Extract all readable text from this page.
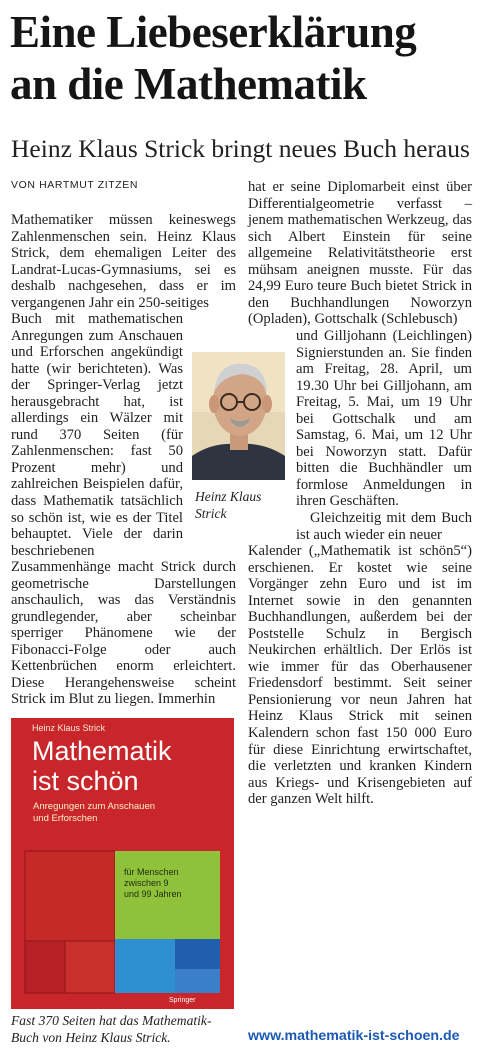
Eine Liebeserklärung
an die Mathematik
Heinz Klaus Strick bringt neues Buch heraus
VON HARTMUT ZITZEN

Mathematiker müssen keineswegs Zahlenmenschen sein. Heinz Klaus Strick, dem ehemaligen Leiter des Landrat-Lucas-Gymnasiums, sei es deshalb nachgesehen, dass er im vergangenen Jahr ein 250-seitiges

Buch mit mathematischen Anregungen zum Anschauen und Erforschen angekündigt hatte (wir berichteten). Was der Springer-Verlag jetzt herausgebracht hat, ist allerdings ein Wälzer mit rund 370 Seiten (für Zahlenmenschen: fast 50 Prozent mehr) und zahlreichen Beispielen dafür, dass Mathematik tatsächlich so schön ist, wie es der Titel behauptet. Viele der darin beschriebenen

Zusammenhänge macht Strick durch geometrische Darstellungen anschaulich, was das Verständnis grundlegender, aber scheinbar sperriger Phänomene wie der Fibonacci-Folge oder auch Kettenbrüchen enorm erleichtert. Diese Herangehensweise scheint Strick im Blut zu liegen. Immerhin

hat er seine Diplomarbeit einst über Differentialgeometrie verfasst – jenem mathematischen Werkzeug, das sich Albert Einstein für seine allgemeine Relativitätstheorie erst mühsam aneignen musste. Für das 24,99 Euro teure Buch bietet Strick in den Buchhandlungen Noworzyn (Opladen), Gottschalk (Schlebusch)

und Gilljohann (Leichlingen) Signierstunden an. Sie finden am Freitag, 28. April, um 19.30 Uhr bei Gilljohann, am Freitag, 5. Mai, um 19 Uhr bei Gottschalk und am Samstag, 6. Mai, um 12 Uhr bei Noworzyn statt. Dafür bitten die Buchhändler um formlose Anmeldungen in ihren Geschäften.

Gleichzeitig mit dem Buch ist auch wieder ein neuer

Kalender („Mathematik ist schön5“) erschienen. Er kostet wie seine Vorgänger zehn Euro und ist im Internet sowie in den genannten Buchhandlungen, außerdem bei der Poststelle Schulz in Bergisch Neukirchen erhältlich. Der Erlös ist wie immer für das Oberhausener Friedensdorf bestimmt. Seit seiner Pensionierung vor neun Jahren hat Heinz Klaus Strick mit seinen Kalendern schon fast 150 000 Euro für diese Einrichtung erwirtschaftet, die verletzten und kranken Kindern aus Kriegs- und Krisengebieten auf der ganzen Welt hilft.

Heinz Klaus
Strick
Heinz Klaus Strick
Mathematik
ist schön
Anregungen zum Anschauen
und Erforschen
für Menschen
zwischen 9
und 99 Jahren
Springer
Fast 370 Seiten hat das Mathematik-Buch von Heinz Klaus Strick.	www.mathematik-ist-schoen.de
